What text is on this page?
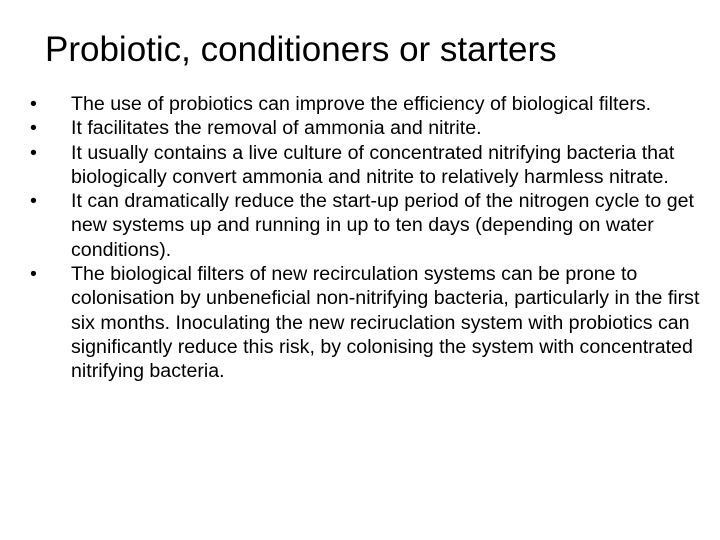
Probiotic, conditioners or starters
• The use of probiotics can improve the efficiency of biological filters.
• It facilitates the removal of ammonia and nitrite.
• It usually contains a live culture of concentrated nitrifying bacteria that biologically convert ammonia and nitrite to relatively harmless nitrate.
• It can dramatically reduce the start-up period of the nitrogen cycle to get new systems up and running in up to ten days (depending on water conditions).
• The biological filters of new recirculation systems can be prone to colonisation by unbeneficial non-nitrifying bacteria, particularly in the first six months. Inoculating the new reciruclation system with probiotics can significantly reduce this risk, by colonising the system with concentrated nitrifying bacteria.
